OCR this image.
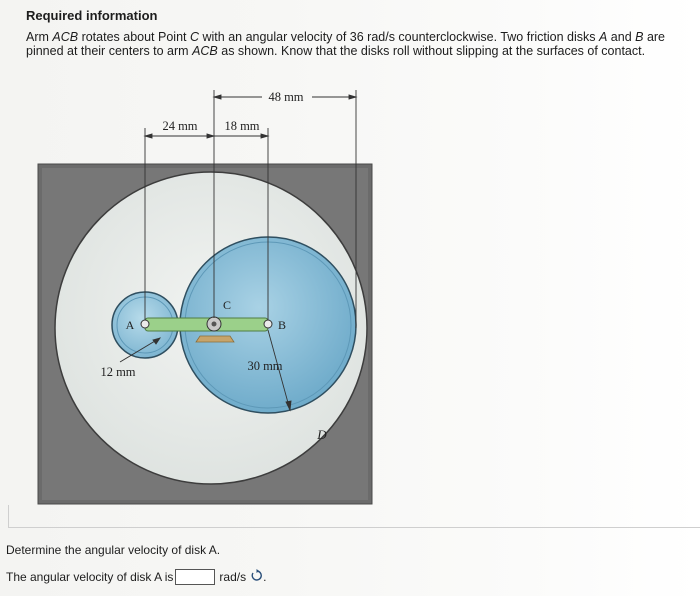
Required information

Arm ACB rotates about Point C with an angular velocity of 36 rad/s counterclockwise. Two friction disks A and B are pinned at their centers to arm ACB as shown. Know that the disks roll without slipping at the surfaces of contact.

48 mm
24 mm 18 mm
12 mm	30 mm
A	B
C
D

Determine the angular velocity of disk A.

The angular velocity of disk A is	rad/s .
